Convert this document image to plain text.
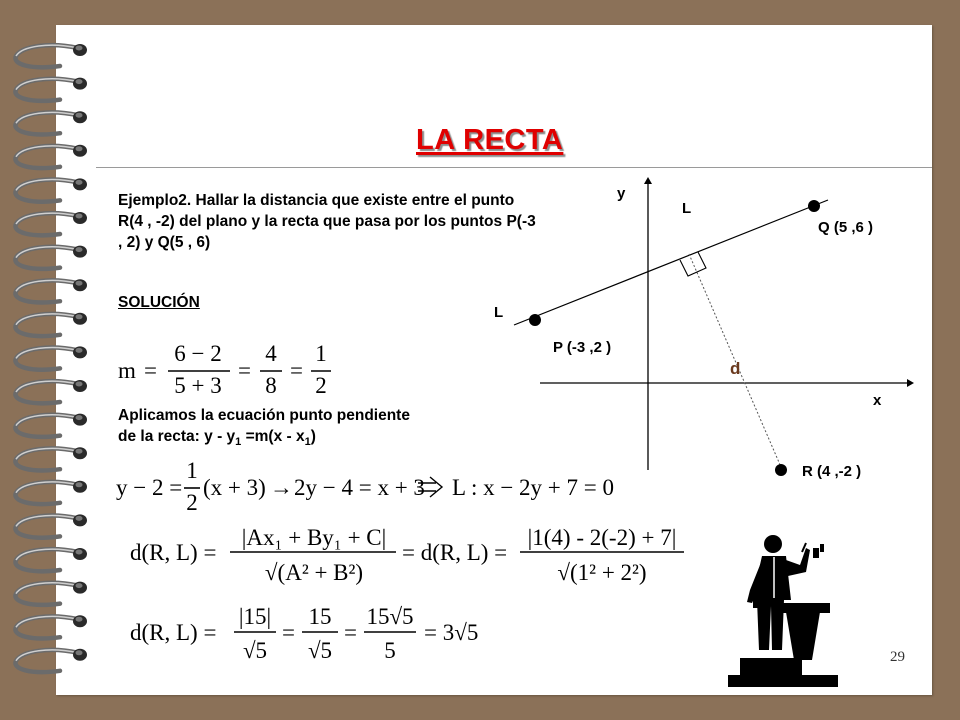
LA RECTA
Ejemplo2. Hallar la distancia que existe entre el punto R(4 , -2) del plano y la recta que pasa por los puntos P(-3 , 2) y Q(5 , 6)
SOLUCIÓN
Aplicamos la ecuación punto pendiente
de la recta: $y - y_1 =m(x - x_1)$
m =
6 − 2
5 + 3
=
4
8
=
1
2
y − 2 =
1
2
(x + 3) → 2y − 4 = x + 3 L : x − 2y + 7 = 0
d(R, L) =
|Ax₁ + By₁ + C|
√(A² + B²)
= d(R, L) =
|1(4) - 2(-2) + 7|
√(1² + 2²)
d(R, L) =
|15|
√5
=
15
√5
=
15√5
5
= 3√5
y
x
L
L
Q (5 ,6 )
P (-3 ,2 )
R (4 ,-2 )
d
29
